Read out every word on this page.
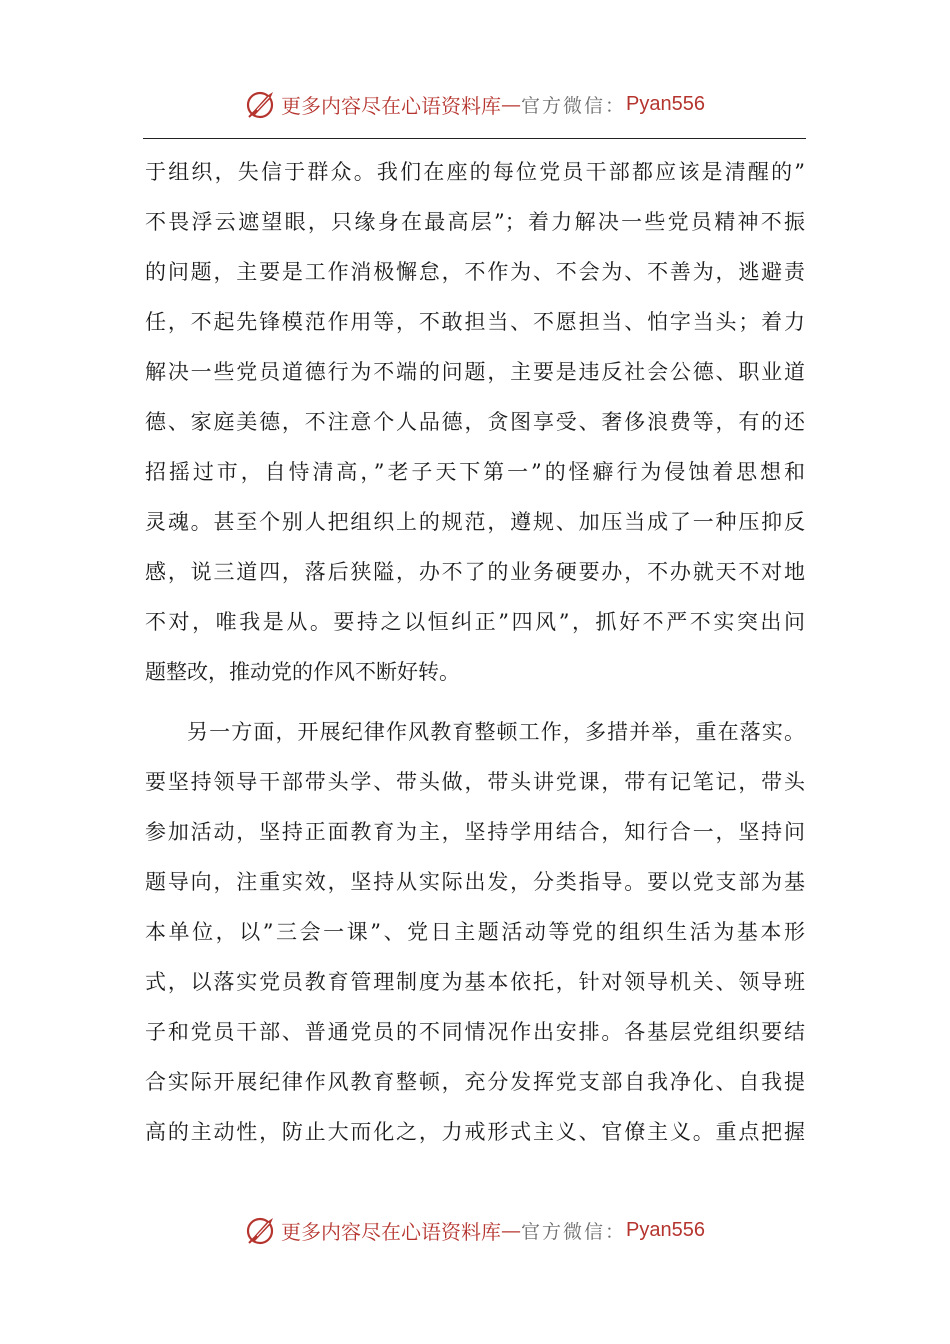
更多内容尽在心语资料库 — 官方微信： Pyan556
于组织，失信于群众。我们在座的每位党员干部都应该是清醒的”
不畏浮云遮望眼，只缘身在最高层”；着力解决一些党员精神不振
的问题，主要是工作消极懈怠，不作为、不会为、不善为，逃避责
任，不起先锋模范作用等，不敢担当、不愿担当、怕字当头；着力
解决一些党员道德行为不端的问题，主要是违反社会公德、职业道
德、家庭美德，不注意个人品德，贪图享受、奢侈浪费等，有的还
招摇过市，自恃清高，”老子天下第一”的怪癖行为侵蚀着思想和
灵魂。甚至个别人把组织上的规范，遵规、加压当成了一种压抑反
感，说三道四，落后狭隘，办不了的业务硬要办，不办就天不对地
不对，唯我是从。要持之以恒纠正”四风”，抓好不严不实突出问
题整改，推动党的作风不断好转。
另一方面，开展纪律作风教育整顿工作，多措并举，重在落实。
要坚持领导干部带头学、带头做，带头讲党课，带有记笔记，带头
参加活动，坚持正面教育为主，坚持学用结合，知行合一，坚持问
题导向，注重实效，坚持从实际出发，分类指导。要以党支部为基
本单位，以”三会一课”、党日主题活动等党的组织生活为基本形
式，以落实党员教育管理制度为基本依托，针对领导机关、领导班
子和党员干部、普通党员的不同情况作出安排。各基层党组织要结
合实际开展纪律作风教育整顿，充分发挥党支部自我净化、自我提
高的主动性，防止大而化之，力戒形式主义、官僚主义。重点把握
更多内容尽在心语资料库 — 官方微信： Pyan556
